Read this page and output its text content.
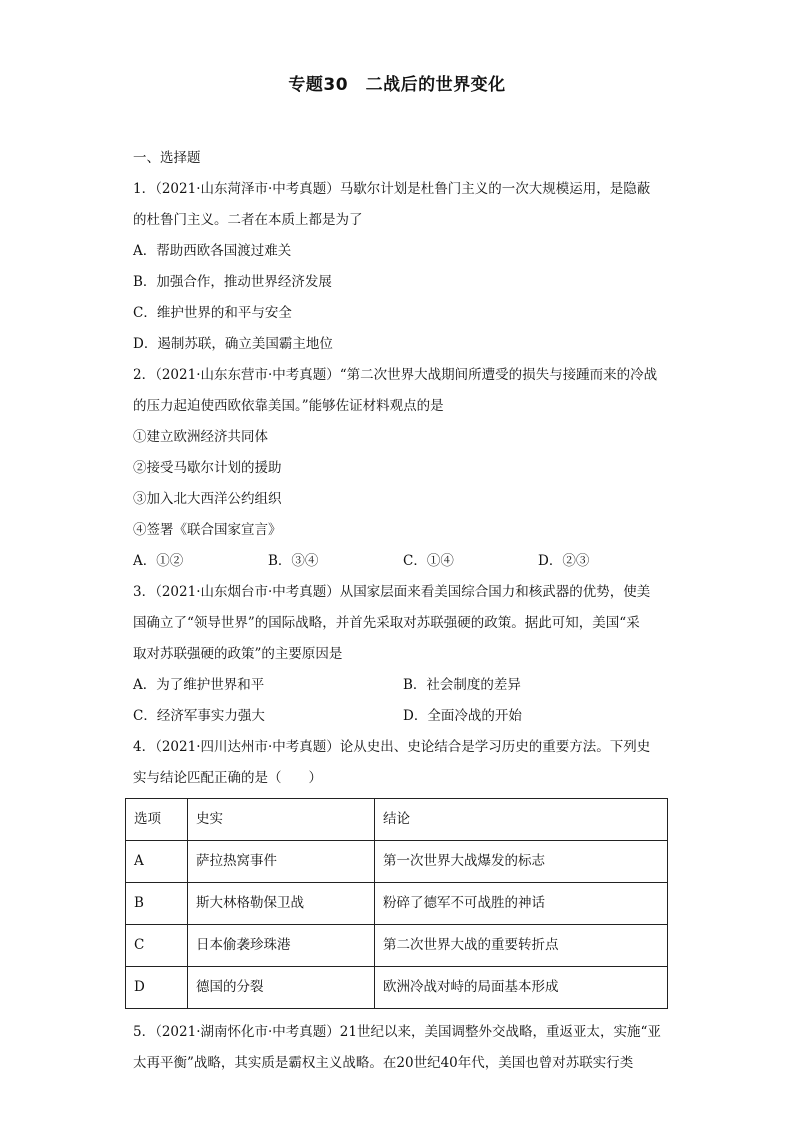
专题30　二战后的世界变化
一、选择题
1．（2021·山东菏泽市·中考真题）马歇尔计划是杜鲁门主义的一次大规模运用，是隐蔽
的杜鲁门主义。二者在本质上都是为了
A．帮助西欧各国渡过难关
B．加强合作，推动世界经济发展
C．维护世界的和平与安全
D．遏制苏联，确立美国霸主地位
2．（2021·山东东营市·中考真题）“第二次世界大战期间所遭受的损失与接踵而来的冷战
的压力起迫使西欧依靠美国。”能够佐证材料观点的是
①建立欧洲经济共同体
②接受马歇尔计划的援助
③加入北大西洋公约组织
④签署《联合国家宣言》
A．①②	B．③④	C．①④	D．②③
3．（2021·山东烟台市·中考真题）从国家层面来看美国综合国力和核武器的优势，使美
国确立了“领导世界”的国际战略，并首先采取对苏联强硬的政策。据此可知，美国“采
取对苏联强硬的政策”的主要原因是
A．为了维护世界和平	B．社会制度的差异
C．经济军事实力强大	D．全面冷战的开始
4．（2021·四川达州市·中考真题）论从史出、史论结合是学习历史的重要方法。下列史
实与结论匹配正确的是（　　）
选项	史实	结论
A	萨拉热窝事件	第一次世界大战爆发的标志
B	斯大林格勒保卫战	粉碎了德军不可战胜的神话
C	日本偷袭珍珠港	第二次世界大战的重要转折点
D	德国的分裂	欧洲冷战对峙的局面基本形成
5．（2021·湖南怀化市·中考真题）21世纪以来，美国调整外交战略，重返亚太，实施“亚
太再平衡”战略，其实质是霸权主义战略。在20世纪40年代，美国也曾对苏联实行类
